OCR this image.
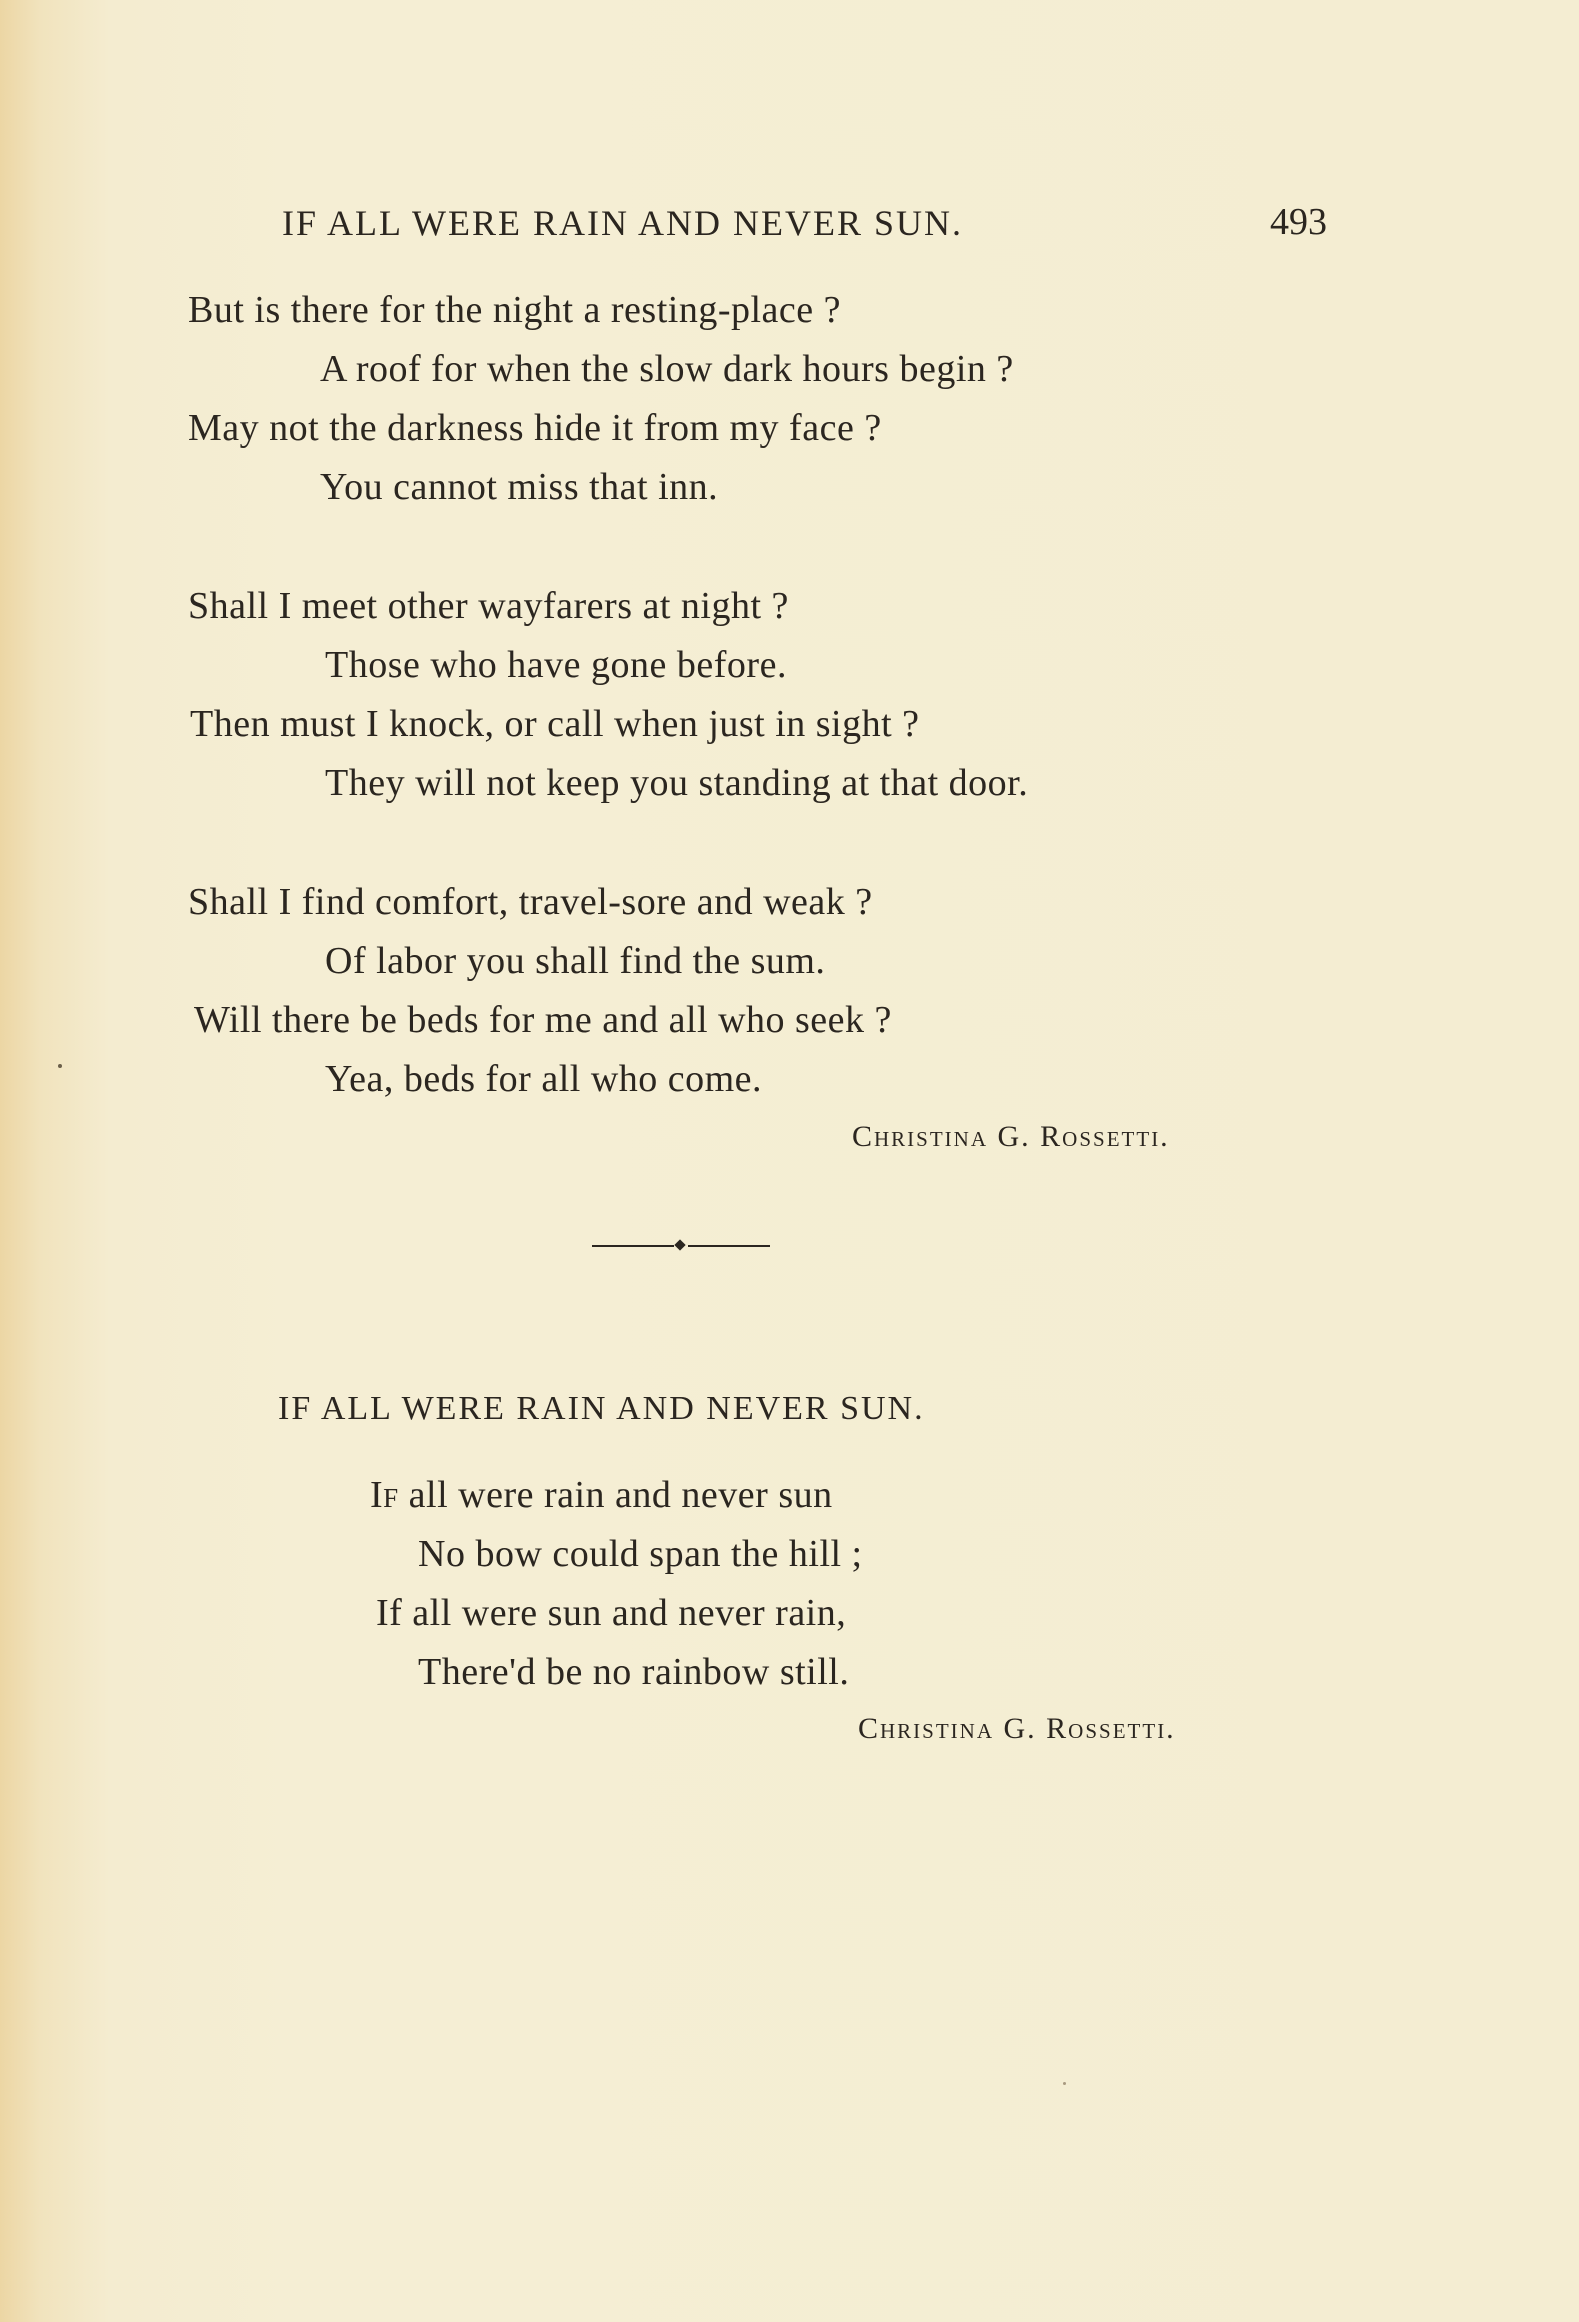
IF ALL WERE RAIN AND NEVER SUN.	493
But is there for the night a resting-place ?
A roof for when the slow dark hours begin ?
May not the darkness hide it from my face ?
You cannot miss that inn.
Shall I meet other wayfarers at night ?
Those who have gone before.
Then must I knock, or call when just in sight ?
They will not keep you standing at that door.
Shall I find comfort, travel-sore and weak ?
Of labor you shall find the sum.
Will there be beds for me and all who seek ?
Yea, beds for all who come.
Christina G. Rossetti.
IF ALL WERE RAIN AND NEVER SUN.
If all were rain and never sun
No bow could span the hill ;
If all were sun and never rain,
There'd be no rainbow still.
Christina G. Rossetti.
